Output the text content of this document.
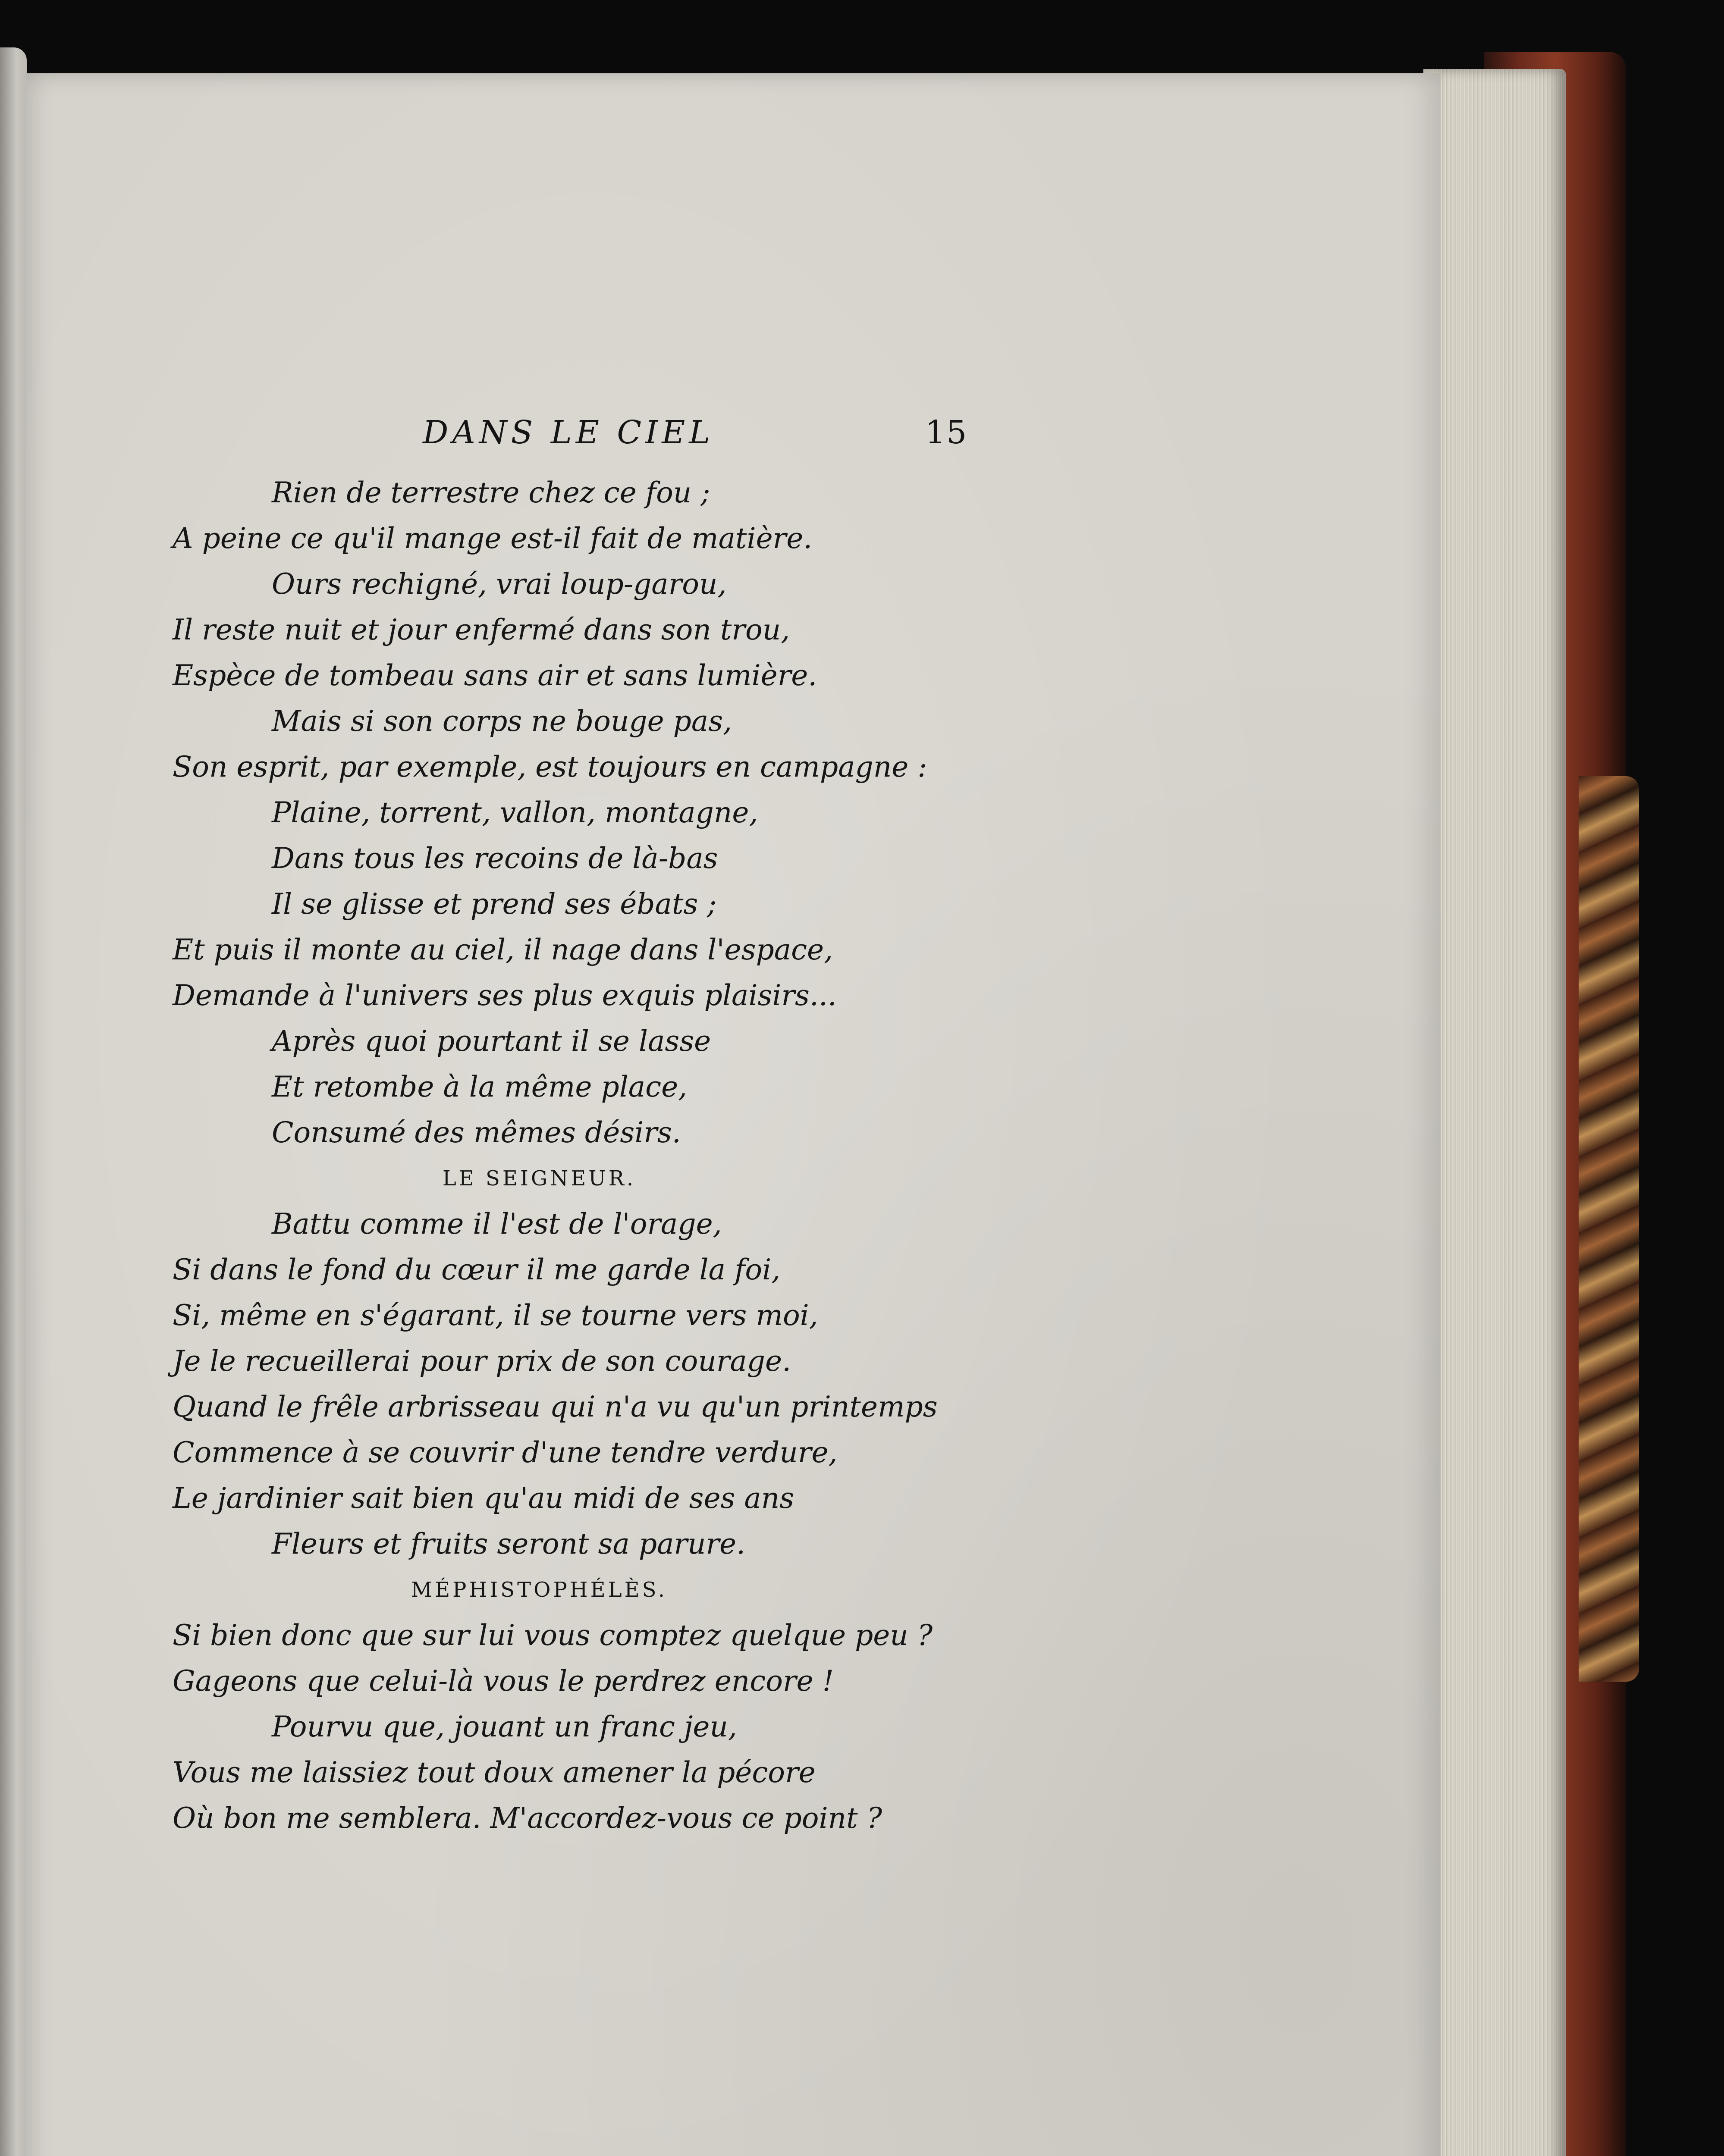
DANS LE CIEL	15
Rien de terrestre chez ce fou ;
A peine ce qu'il mange est-il fait de matière.
Ours rechigné, vrai loup-garou,
Il reste nuit et jour enfermé dans son trou,
Espèce de tombeau sans air et sans lumière.
Mais si son corps ne bouge pas,
Son esprit, par exemple, est toujours en campagne :
Plaine, torrent, vallon, montagne,
Dans tous les recoins de là-bas
Il se glisse et prend ses ébats ;
Et puis il monte au ciel, il nage dans l'espace,
Demande à l'univers ses plus exquis plaisirs...
Après quoi pourtant il se lasse
Et retombe à la même place,
Consumé des mêmes désirs.
LE SEIGNEUR.
Battu comme il l'est de l'orage,
Si dans le fond du cœur il me garde la foi,
Si, même en s'égarant, il se tourne vers moi,
Je le recueillerai pour prix de son courage.
Quand le frêle arbrisseau qui n'a vu qu'un printemps
Commence à se couvrir d'une tendre verdure,
Le jardinier sait bien qu'au midi de ses ans
Fleurs et fruits seront sa parure.
MÉPHISTOPHÉLÈS.
Si bien donc que sur lui vous comptez quelque peu ?
Gageons que celui-là vous le perdrez encore !
Pourvu que, jouant un franc jeu,
Vous me laissiez tout doux amener la pécore
Où bon me semblera. M'accordez-vous ce point ?
